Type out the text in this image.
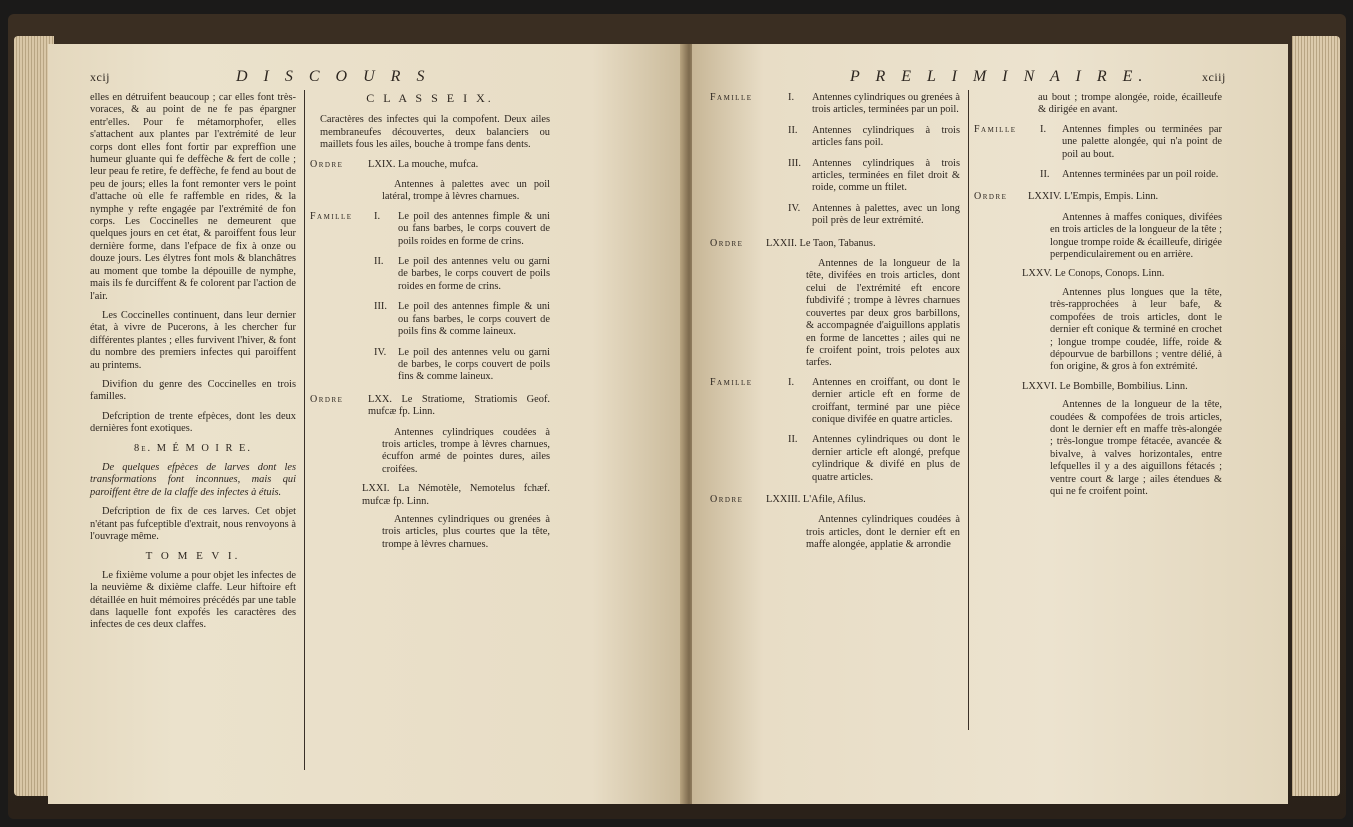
xcij	D I S C O U R S

elles en détruifent beaucoup ; car elles font très-voraces, & au point de ne fe pas épargner entr'elles. Pour fe métamorphofer, elles s'attachent aux plantes par l'extrémité de leur corps dont elles font fortir par expreffion une humeur gluante qui fe deffèche & fert de colle ; leur peau fe retire, fe deffèche, fe fend au bout de peu de jours; elles la font remonter vers le point d'attache où elle fe raffemble en rides, & la nymphe y refte engagée par l'extrémité de fon corps. Les Coccinelles ne demeurent que quelques jours en cet état, & paroiffent fous leur dernière forme, dans l'efpace de fix à onze ou douze jours. Les élytres font mols & blanchâtres au moment que tombe la dépouille de nymphe, mais ils fe durciffent & fe colorent par l'action de l'air.

Les Coccinelles continuent, dans leur dernier état, à vivre de Pucerons, à les chercher fur différentes plantes ; elles furvivent l'hiver, & font du nombre des premiers infectes qui paroiffent au printems.

Divifion du genre des Coccinelles en trois familles.

Defcription de trente efpèces, dont les deux dernières font exotiques.

8e. M É M O I R E.

De quelques efpèces de larves dont les transformations font inconnues, mais qui paroiffent être de la claffe des infectes à étuis.

Defcription de fix de ces larves. Cet objet n'étant pas fufceptible d'extrait, nous renvoyons à l'ouvrage même.

T O M E V I.

Le fixième volume a pour objet les infectes de la neuvième & dixième claffe. Leur hiftoire eft détaillée en huit mémoires précédés par une table dans laquelle font expofés les caractères des infectes de ces deux claffes.

C L A S S E I X.

Caractères des infectes qui la compofent. Deux ailes membraneufes découvertes, deux balanciers ou maillets fous les ailes, bouche à trompe fans dents.

Ordre	LXIX. La mouche, mufca.

Antennes à palettes avec un poil latéral, trompe à lèvres charnues.

Famille	I.	Le poil des antennes fimple & uni ou fans barbes, le corps couvert de poils roides en forme de crins.
II.	Le poil des antennes velu ou garni de barbes, le corps couvert de poils roides en forme de crins.
III.	Le poil des antennes fimple & uni ou fans barbes, le corps couvert de poils fins & comme laineux.
IV.	Le poil des antennes velu ou garni de barbes, le corps couvert de poils fins & comme laineux.
Ordre	LXX. Le Stratiome, Stratiomis Geof. mufcæ fp. Linn.

Antennes cylindriques coudées à trois articles, trompe à lèvres charnues, écuffon armé de pointes dures, ailes croifées.

LXXI. La Némotèle, Nemotelus fchæf. mufcæ fp. Linn.

Antennes cylindriques ou grenées à trois articles, plus courtes que la tête, trompe à lèvres charnues.

P R E L I M I N A I R E.	xciij
Famille	I.	Antennes cylindriques ou grenées à trois articles, terminées par un poil.
II.	Antennes cylindriques à trois articles fans poil.
III.	Antennes cylindriques à trois articles, terminées en filet droit & roide, comme un ftilet.
IV.	Antennes à palettes, avec un long poil près de leur extrémité.
Ordre	LXXII. Le Taon, Tabanus.

Antennes de la longueur de la tête, divifées en trois articles, dont celui de l'extrémité eft encore fubdivifé ; trompe à lèvres charnues couvertes par deux gros barbillons, & accompagnée d'aiguillons applatis en forme de lancettes ; ailes qui ne fe croifent point, trois pelotes aux tarfes.

Famille	I.	Antennes en croiffant, ou dont le dernier article eft en forme de croiffant, terminé par une pièce conique divifée en quatre articles.
II.	Antennes cylindriques ou dont le dernier article eft alongé, prefque cylindrique & divifé en plus de quatre articles.
Ordre	LXXIII. L'Afile, Afilus.

Antennes cylindriques coudées à trois articles, dont le dernier eft en maffe alongée, applatie & arrondie

au bout ; trompe alongée, roide, écailleufe & dirigée en avant.

Famille	I.	Antennes fimples ou terminées par une palette alongée, qui n'a point de poil au bout.
II.	Antennes terminées par un poil roide.
Ordre	LXXIV. L'Empis, Empis. Linn.

Antennes à maffes coniques, divifées en trois articles de la longueur de la tête ; longue trompe roide & écailleufe, dirigée perpendiculairement ou en arrière.

LXXV. Le Conops, Conops. Linn.

Antennes plus longues que la tête, très-rapprochées à leur bafe, & compofées de trois articles, dont le dernier eft conique & terminé en crochet ; longue trompe coudée, liffe, roide & dépourvue de barbillons ; ventre délié, à fon origine, & gros à fon extrémité.

LXXVI. Le Bombille, Bombilius. Linn.

Antennes de la longueur de la tête, coudées & compofées de trois articles, dont le dernier eft en maffe très-alongée ; très-longue trompe fétacée, avancée & bivalve, à valves horizontales, entre lefquelles il y a des aiguillons fétacés ; ventre court & large ; ailes étendues & qui ne fe croifent point.
